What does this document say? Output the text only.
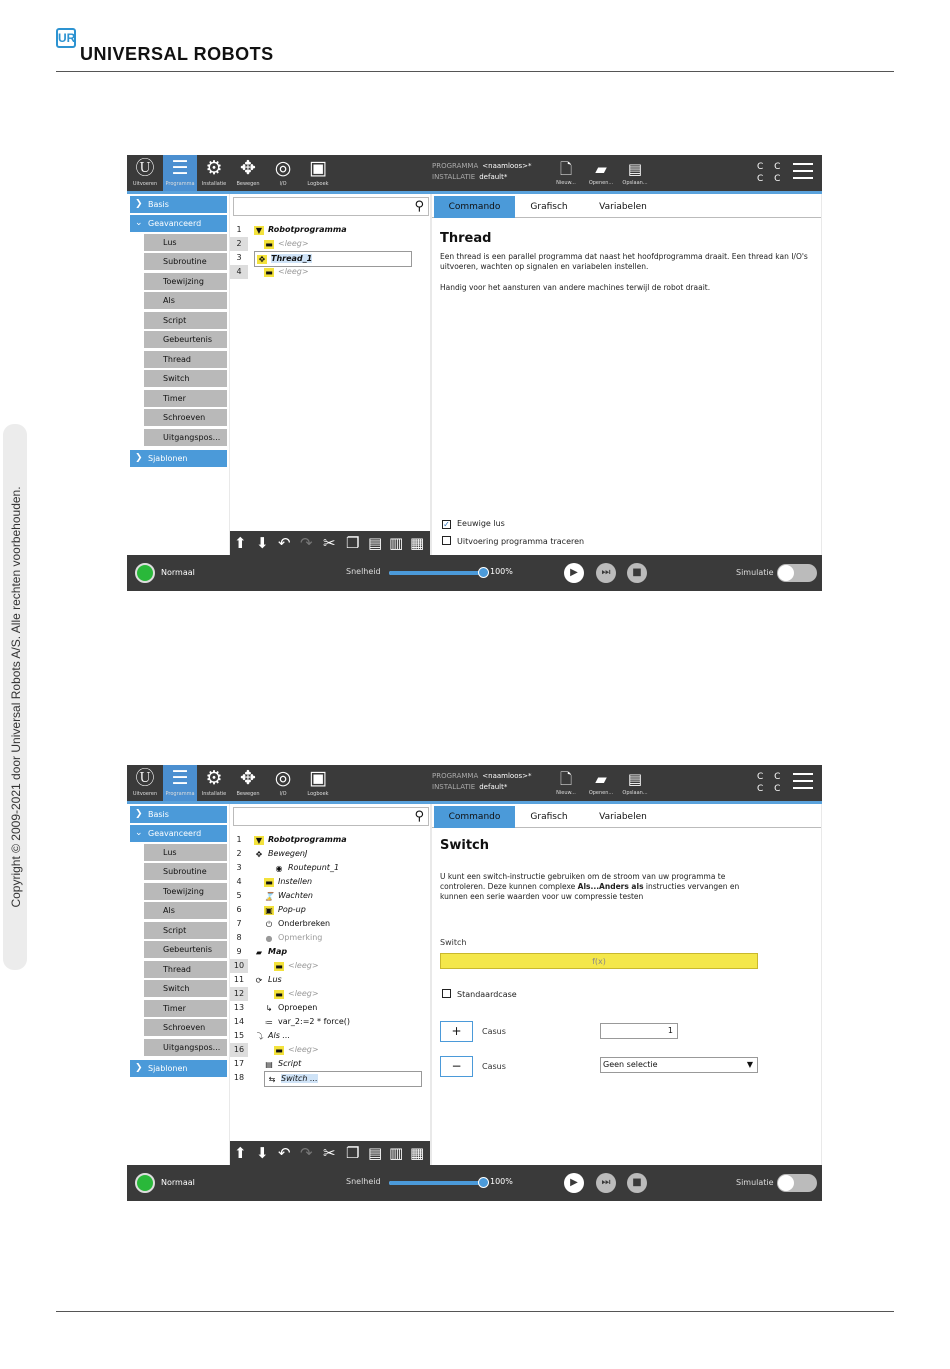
UR
UNIVERSAL ROBOTS
Copyright © 2009-2021 door Universal Robots A/S. Alle rechten voorbehouden.
Ⓤ
Uitvoeren
☰
Programma
⚙
Installatie
✥
Bewegen
◎
I/O
▣
Logboek
PROGRAMMA <naamloos>*
INSTALLATIE default*	🗋
Nieuw...
▰
Openen...
▤
Opslaan...
C C
C C
❯ Basis
⌄ Geavanceerd
Lus
Subroutine
Toewijzing
Als
Script
Gebeurtenis
Thread
Switch
Timer
Schroeven
Uitgangspos...
❯ Sjablonen
⚲
1	▼ Robotprogramma
2	▬ <leeg>
3	✥ Thread_1
4	▬ <leeg>
⬆ ⬇ ↶ ↷ ✂ ❐ ▤ ▥ ▦
Commando	Grafisch	Variabelen
Thread
Een thread is een parallel programma dat naast het hoofdprogramma draait. Een thread kan I/O's uitvoeren, wachten op signalen en variabelen instellen.
Handig voor het aansturen van andere machines terwijl de robot draait.
✓ Eeuwige lus
Uitvoering programma traceren
Normaal	Snelheid	100%	▶	⏭	■	Simulatie
Ⓤ
Uitvoeren
☰
Programma
⚙
Installatie
✥
Bewegen
◎
I/O
▣
Logboek
PROGRAMMA <naamloos>*
INSTALLATIE default*	🗋
Nieuw...
▰
Openen...
▤
Opslaan...
C C
C C
❯ Basis
⌄ Geavanceerd
Lus
Subroutine
Toewijzing
Als
Script
Gebeurtenis
Thread
Switch
Timer
Schroeven
Uitgangspos...
❯ Sjablonen
⚲
1	▼ Robotprogramma
2	✥ BewegenJ
3	◉ Routepunt_1
4	▬ Instellen
5	⌛ Wachten
6	▣ Pop-up
7	⏻ Onderbreken
8	● Opmerking
9	▰ Map
10	▬ <leeg>
11	⟳ Lus
12	▬ <leeg>
13	↳ Oproepen
14	≔ var_2:=2 * force()
15	⤵ Als ...
16	▬ <leeg>
17	▤ Script
18	⇆ Switch ...
⬆ ⬇ ↶ ↷ ✂ ❐ ▤ ▥ ▦
Commando	Grafisch	Variabelen
Switch
U kunt een switch-instructie gebruiken om de stroom van uw programma te controleren. Deze kunnen complexe Als...Anders als instructies vervangen en kunnen een serie waarden voor uw compressie testen
Switch
f(x)
Standaardcase
+	Casus	1
−	Casus	Geen selectie	▼
Normaal	Snelheid	100%	▶	⏭	■	Simulatie
